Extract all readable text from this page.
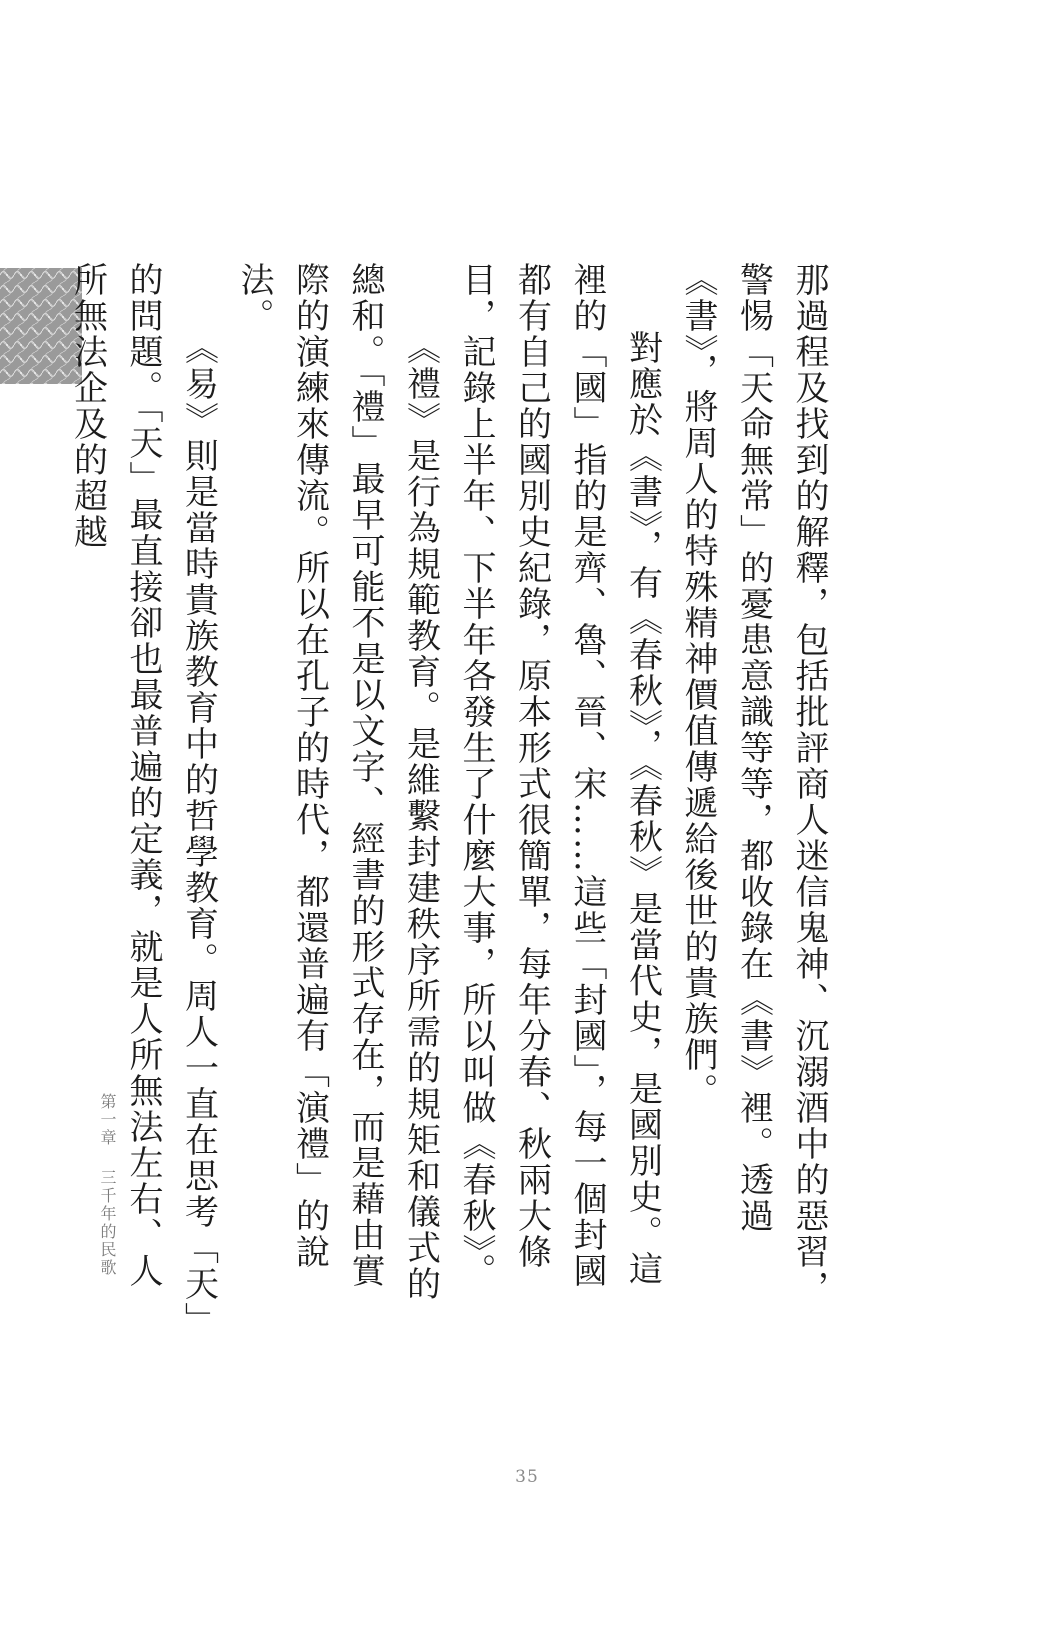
那過程及找到的解釋，包括批評商人迷信鬼神、沉溺酒中的惡習，警惕「天命無常」的憂患意識等等，都收錄在《書》裡。透過《書》，將周人的特殊精神價值傳遞給後世的貴族們。

對應於《書》，有《春秋》，《春秋》是當代史，是國別史。這裡的「國」指的是齊、魯、晉、宋……這些「封國」，每一個封國都有自己的國別史紀錄，原本形式很簡單，每年分春、秋兩大條目，記錄上半年、下半年各發生了什麼大事，所以叫做《春秋》。

《禮》是行為規範教育。是維繫封建秩序所需的規矩和儀式的總和。「禮」最早可能不是以文字、經書的形式存在，而是藉由實際的演練來傳流。所以在孔子的時代，都還普遍有「演禮」的說法。

《易》則是當時貴族教育中的哲學教育。周人一直在思考「天」的問題。「天」最直接卻也最普遍的定義，就是人所無法左右、人所無法企及的超越

第一章三千年的民歌
35
